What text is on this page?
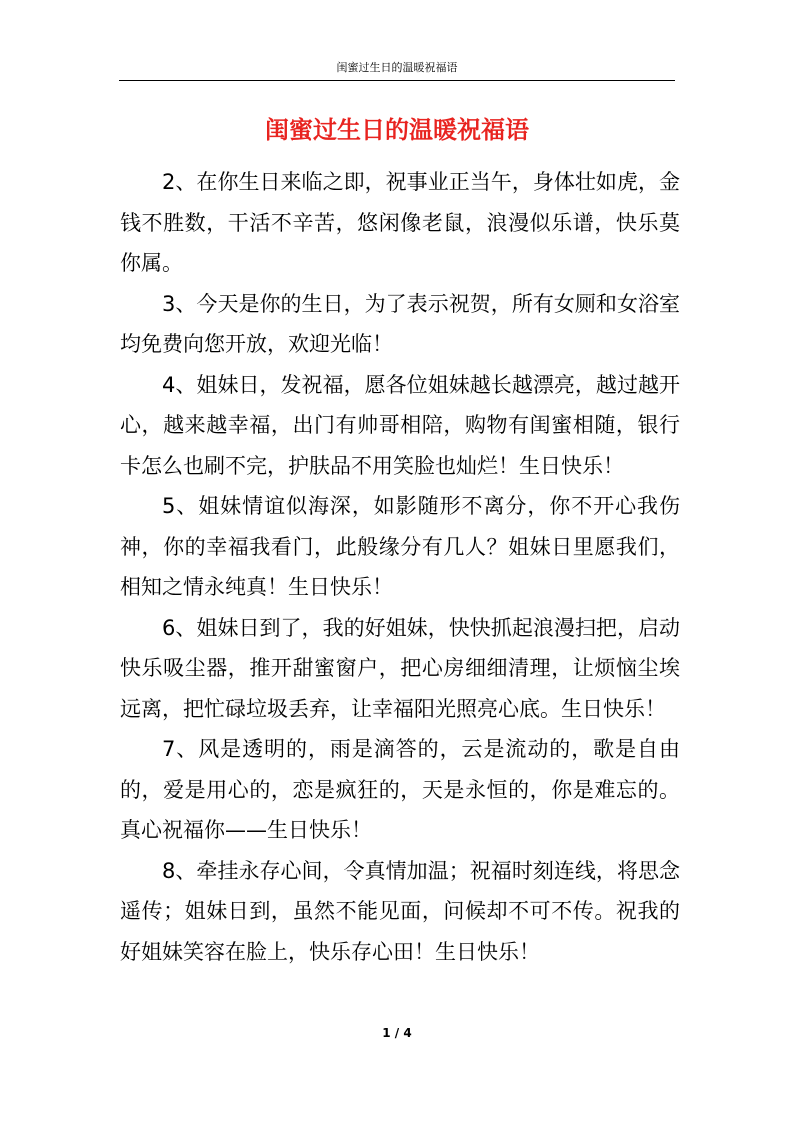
闺蜜过生日的温暖祝福语
闺蜜过生日的温暖祝福语

2、在你生日来临之即，祝事业正当午，身体壮如虎，金钱不胜数，干活不辛苦，悠闲像老鼠，浪漫似乐谱，快乐莫你属。

3、今天是你的生日，为了表示祝贺，所有女厕和女浴室均免费向您开放，欢迎光临！

4、姐妹日，发祝福，愿各位姐妹越长越漂亮，越过越开心，越来越幸福，出门有帅哥相陪，购物有闺蜜相随，银行卡怎么也刷不完，护肤品不用笑脸也灿烂！生日快乐！

5、姐妹情谊似海深，如影随形不离分，你不开心我伤神，你的幸福我看门，此般缘分有几人？姐妹日里愿我们，相知之情永纯真！生日快乐！

6、姐妹日到了，我的好姐妹，快快抓起浪漫扫把，启动快乐吸尘器，推开甜蜜窗户，把心房细细清理，让烦恼尘埃远离，把忙碌垃圾丢弃，让幸福阳光照亮心底。生日快乐！

7、风是透明的，雨是滴答的，云是流动的，歌是自由的，爱是用心的，恋是疯狂的，天是永恒的，你是难忘的。真心祝福你——生日快乐！

8、牵挂永存心间，令真情加温；祝福时刻连线，将思念遥传；姐妹日到，虽然不能见面，问候却不可不传。祝我的好姐妹笑容在脸上，快乐存心田！生日快乐！

1 / 4
